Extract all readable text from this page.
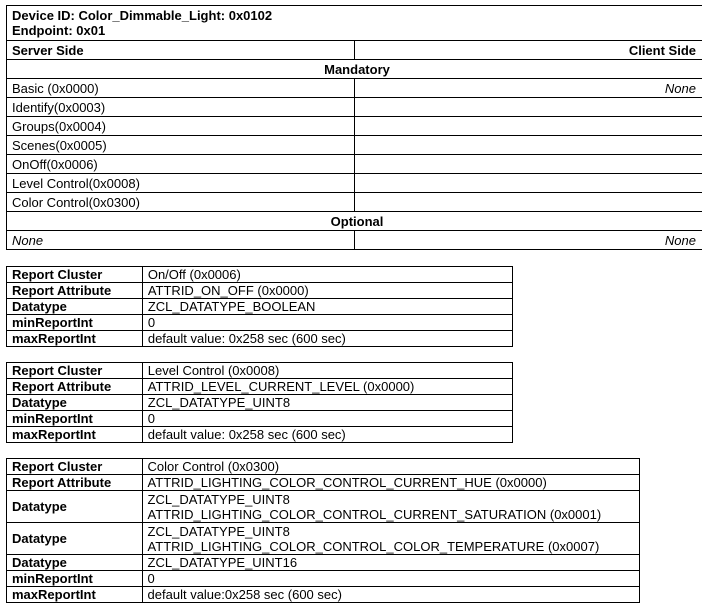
Device ID: Color_Dimmable_Light: 0x0102
Endpoint: 0x01	

Server Side	Client Side
Mandatory	
Basic (0x0000)	None
Identify(0x0003)	
Groups(0x0004)	
Scenes(0x0005)	
OnOff(0x0006)	
Level Control(0x0008)	
Color Control(0x0300)	
Optional	
None	None
Report Cluster	On/Off (0x0006)
Report Attribute	ATTRID_ON_OFF (0x0000)
Datatype	ZCL_DATATYPE_BOOLEAN
minReportInt	0
maxReportInt	default value: 0x258 sec (600 sec)
Report Cluster	Level Control (0x0008)
Report Attribute	ATTRID_LEVEL_CURRENT_LEVEL (0x0000)
Datatype	ZCL_DATATYPE_UINT8
minReportInt	0
maxReportInt	default value: 0x258 sec (600 sec)
Report Cluster	Color Control (0x0300)
Report Attribute	ATTRID_LIGHTING_COLOR_CONTROL_CURRENT_HUE (0x0000)
Datatype	ZCL_DATATYPE_UINT8
ATTRID_LIGHTING_COLOR_CONTROL_CURRENT_SATURATION (0x0001)

Datatype	ZCL_DATATYPE_UINT8
ATTRID_LIGHTING_COLOR_CONTROL_COLOR_TEMPERATURE (0x0007)

Datatype	ZCL_DATATYPE_UINT16
minReportInt	0
maxReportInt	default value:0x258 sec (600 sec)
